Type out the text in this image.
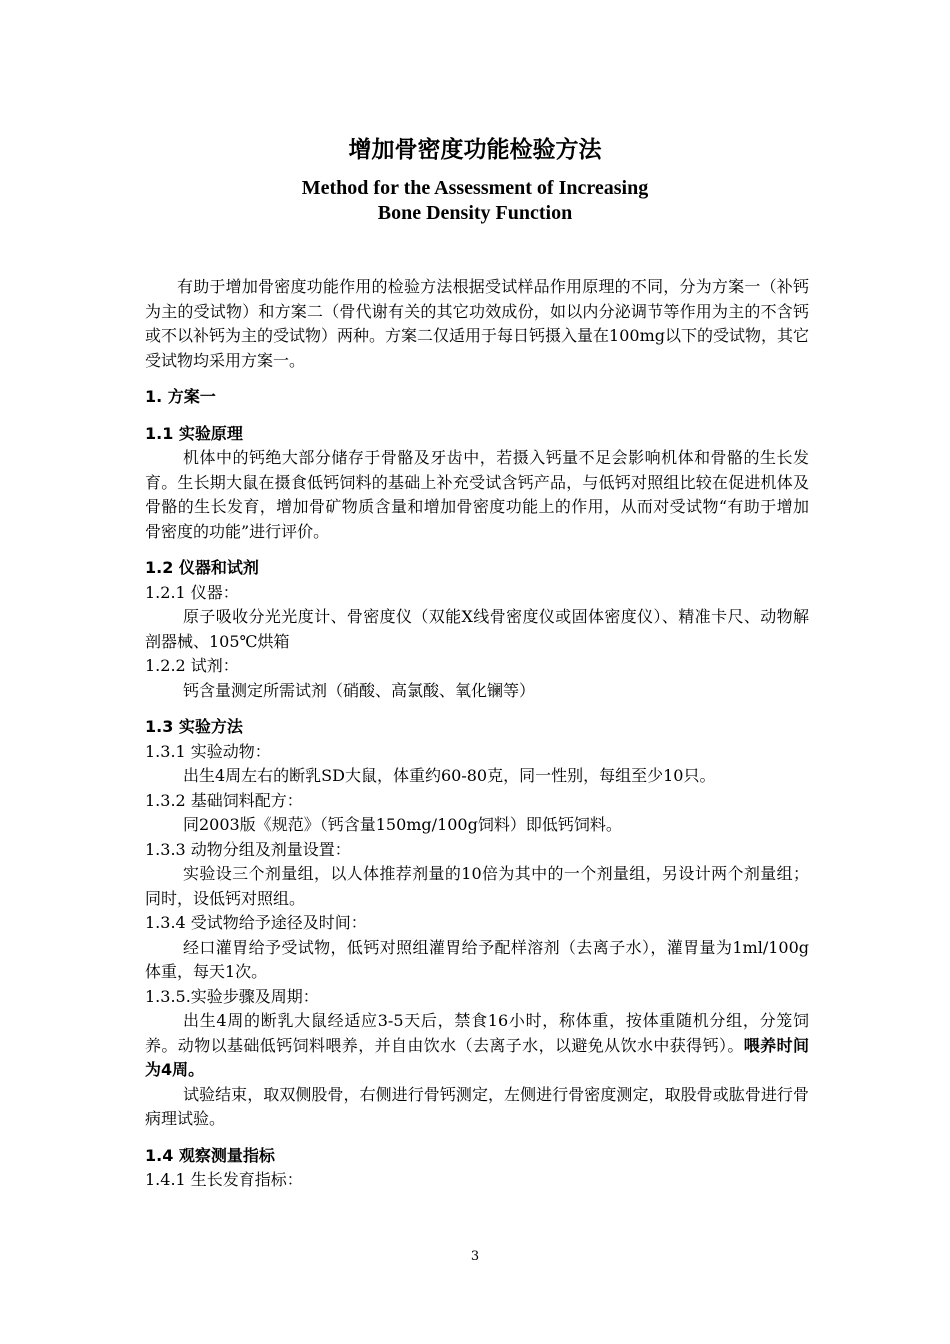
增加骨密度功能检验方法
Method for the Assessment of Increasing
Bone Density Function

有助于增加骨密度功能作用的检验方法根据受试样品作用原理的不同，分为方案一（补钙为主的受试物）和方案二（骨代谢有关的其它功效成份，如以内分泌调节等作用为主的不含钙或不以补钙为主的受试物）两种。方案二仅适用于每日钙摄入量在100mg以下的受试物，其它受试物均采用方案一。

1. 方案一

1.1 实验原理

机体中的钙绝大部分储存于骨骼及牙齿中，若摄入钙量不足会影响机体和骨骼的生长发育。生长期大鼠在摄食低钙饲料的基础上补充受试含钙产品，与低钙对照组比较在促进机体及骨骼的生长发育，增加骨矿物质含量和增加骨密度功能上的作用，从而对受试物“有助于增加骨密度的功能”进行评价。

1.2 仪器和试剂

1.2.1 仪器：

原子吸收分光光度计、骨密度仪（双能X线骨密度仪或固体密度仪）、精准卡尺、动物解剖器械、105℃烘箱

1.2.2 试剂：

钙含量测定所需试剂（硝酸、高氯酸、氧化镧等）

1.3 实验方法

1.3.1 实验动物：

出生4周左右的断乳SD大鼠，体重约60-80克，同一性别，每组至少10只。

1.3.2 基础饲料配方：

同2003版《规范》（钙含量150mg/100g饲料）即低钙饲料。

1.3.3 动物分组及剂量设置：

实验设三个剂量组，以人体推荐剂量的10倍为其中的一个剂量组，另设计两个剂量组；同时，设低钙对照组。

1.3.4 受试物给予途径及时间：

经口灌胃给予受试物，低钙对照组灌胃给予配样溶剂（去离子水），灌胃量为1ml/100g体重，每天1次。

1.3.5.实验步骤及周期：

出生4周的断乳大鼠经适应3-5天后，禁食16小时，称体重，按体重随机分组，分笼饲养。动物以基础低钙饲料喂养，并自由饮水（去离子水，以避免从饮水中获得钙）。喂养时间为4周。

试验结束，取双侧股骨，右侧进行骨钙测定，左侧进行骨密度测定，取股骨或肱骨进行骨病理试验。

1.4 观察测量指标

1.4.1 生长发育指标：

3
